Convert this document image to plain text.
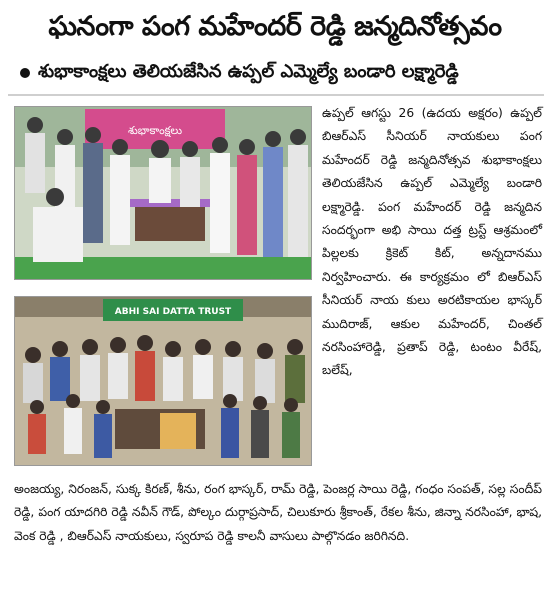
ఘనంగా పంగ మహేందర్ రెడ్డి జన్మదినోత్సవం
శుభాకాంక్షలు తెలియజేసిన ఉప్పల్ ఎమ్మెల్యే బండారి లక్ష్మారెడ్డి
శుభాకాంక్షలు
ABHI SAI DATTA TRUST
ఉప్పల్ ఆగస్టు 26 (ఉదయ అక్షరం) ఉప్పల్ బిఆర్ఎస్ సీనియర్ నాయకులు పంగ మహేందర్ రెడ్డి జన్మదినోత్సవ శుభాకాంక్షలు తెలియజేసిన ఉప్పల్ ఎమ్మెల్యే బండారి లక్ష్మారెడ్డి. పంగ మహేందర్ రెడ్డి జన్మదిన సందర్భంగా అభి సాయి దత్త ట్రస్ట్ ఆశ్రమంలో పిల్లలకు క్రికెట్ కిట్, అన్నదానము నిర్వహించారు. ఈ కార్యక్రమం లో బిఆర్ఎస్ సీనియర్ నాయ కులు అరటికాయల భాస్కర్ ముదిరాజ్, ఆకుల మహేందర్, చింతల్ నరసింహారెడ్డి, ప్రతాప్ రెడ్డి, టంటం వీరేష్, బలేష్,
అంజయ్య, నిరంజన్, సుక్క కిరణ్, శీను, రంగ భాస్కర్, రామ్ రెడ్డి, పెంజర్ల సాయి రెడ్డి, గంధం సంపత్, సల్ల సందీప్ రెడ్డి, పంగ యాదగిరి రెడ్డి నవీన్ గౌడ్, పోల్కం దుర్గాప్రసాద్, చిలుకూరు శ్రీకాంత్, రేకల శీను, జిన్నా నరసింహా, భాష, వెంక రెడ్డి , బిఆర్ఎస్ నాయకులు, స్వరూప రెడ్డి కాలనీ వాసులు పాల్గొనడం జరిగినది.
